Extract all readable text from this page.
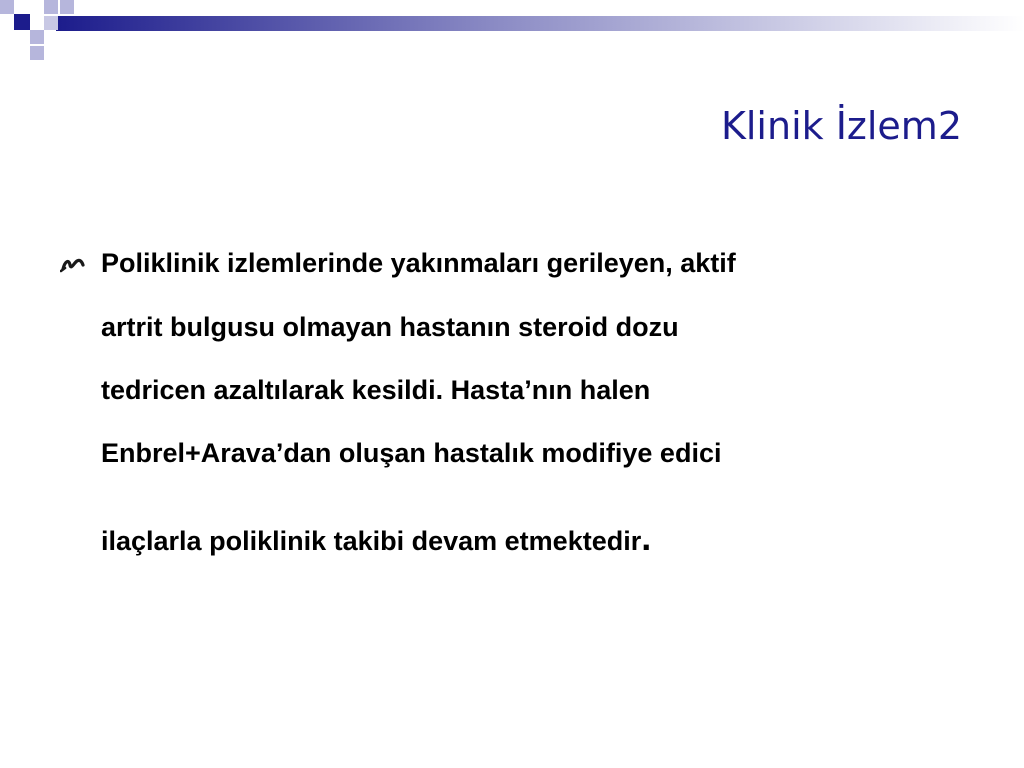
Klinik İzlem2
Poliklinik izlemlerinde yakınmaları gerileyen, aktif
artrit bulgusu olmayan hastanın steroid dozu
tedricen azaltılarak kesildi. Hasta’nın halen
Enbrel+Arava’dan oluşan hastalık modifiye edici
ilaçlarla poliklinik takibi devam etmektedir.
